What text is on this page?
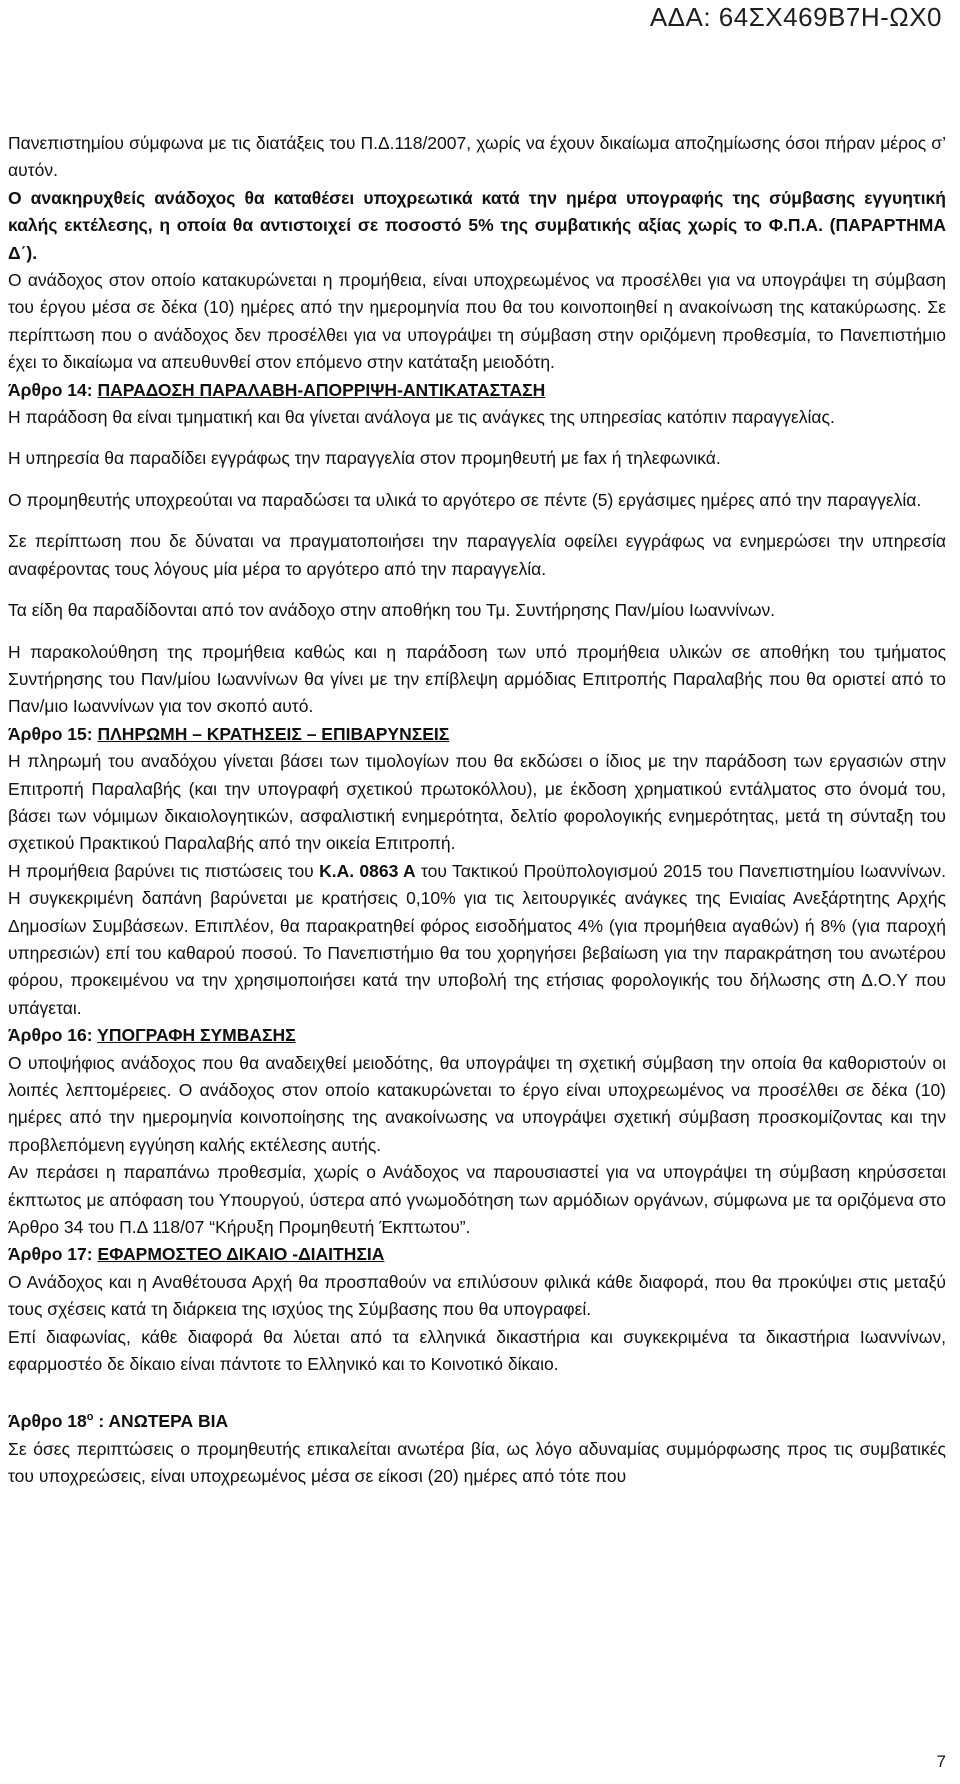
ΑΔΑ: 64ΣΧ469Β7Η-ΩΧ0

Πανεπιστημίου σύμφωνα με τις διατάξεις του Π.Δ.118/2007, χωρίς να έχουν δικαίωμα αποζημίωσης όσοι πήραν μέρος σ’ αυτόν.

Ο ανακηρυχθείς ανάδοχος θα καταθέσει υποχρεωτικά κατά την ημέρα υπογραφής της σύμβασης εγγυητική καλής εκτέλεσης, η οποία θα αντιστοιχεί σε ποσοστό 5% της συμβατικής αξίας χωρίς το Φ.Π.Α. (ΠΑΡΑΡΤΗΜΑ Δ΄).

Ο ανάδοχος στον οποίο κατακυρώνεται η προμήθεια, είναι υποχρεωμένος να προσέλθει για να υπογράψει τη σύμβαση του έργου μέσα σε δέκα (10) ημέρες από την ημερομηνία που θα του κοινοποιηθεί η ανακοίνωση της κατακύρωσης. Σε περίπτωση που ο ανάδοχος δεν προσέλθει για να υπογράψει τη σύμβαση στην οριζόμενη προθεσμία, το Πανεπιστήμιο έχει το δικαίωμα να απευθυνθεί στον επόμενο στην κατάταξη μειοδότη.

Άρθρο 14: ΠΑΡΑΔΟΣΗ ΠΑΡΑΛΑΒΗ-ΑΠΟΡΡΙΨΗ-ΑΝΤΙΚΑΤΑΣΤΑΣΗ

Η παράδοση θα είναι τμηματική και θα γίνεται ανάλογα με τις ανάγκες της υπηρεσίας κατόπιν παραγγελίας.

Η υπηρεσία θα παραδίδει εγγράφως την παραγγελία στον προμηθευτή με fax ή τηλεφωνικά.

Ο προμηθευτής υποχρεούται να παραδώσει τα υλικά το αργότερο σε πέντε (5) εργάσιμες ημέρες από την παραγγελία.

Σε περίπτωση που δε δύναται να πραγματοποιήσει την παραγγελία οφείλει εγγράφως να ενημερώσει την υπηρεσία αναφέροντας τους λόγους μία μέρα το αργότερο από την παραγγελία.

Τα είδη θα παραδίδονται από τον ανάδοχο στην αποθήκη του Τμ. Συντήρησης Παν/μίου Ιωαννίνων.

Η παρακολούθηση της προμήθεια καθώς και η παράδοση των υπό προμήθεια υλικών σε αποθήκη του τμήματος Συντήρησης του Παν/μίου Ιωαννίνων θα γίνει με την επίβλεψη αρμόδιας Επιτροπής Παραλαβής που θα οριστεί από το Παν/μιο Ιωαννίνων για τον σκοπό αυτό.

Άρθρο 15: ΠΛΗΡΩΜΗ – ΚΡΑΤΗΣΕΙΣ – ΕΠΙΒΑΡΥΝΣΕΙΣ

Η πληρωμή του αναδόχου γίνεται βάσει των τιμολογίων που θα εκδώσει ο ίδιος με την παράδοση των εργασιών στην Επιτροπή Παραλαβής (και την υπογραφή σχετικού πρωτοκόλλου), με έκδοση χρηματικού εντάλματος στο όνομά του, βάσει των νόμιμων δικαιολογητικών, ασφαλιστική ενημερότητα, δελτίο φορολογικής ενημερότητας, μετά τη σύνταξη του σχετικού Πρακτικού Παραλαβής από την οικεία Επιτροπή.

Η προμήθεια βαρύνει τις πιστώσεις του Κ.Α. 0863 Α του Τακτικού Προϋπολογισμού 2015 του Πανεπιστημίου Ιωαννίνων. Η συγκεκριμένη δαπάνη βαρύνεται με κρατήσεις 0,10% για τις λειτουργικές ανάγκες της Ενιαίας Ανεξάρτητης Αρχής Δημοσίων Συμβάσεων. Επιπλέον, θα παρακρατηθεί φόρος εισοδήματος 4% (για προμήθεια αγαθών) ή 8% (για παροχή υπηρεσιών) επί του καθαρού ποσού. Το Πανεπιστήμιο θα του χορηγήσει βεβαίωση για την παρακράτηση του ανωτέρου φόρου, προκειμένου να την χρησιμοποιήσει κατά την υποβολή της ετήσιας φορολογικής του δήλωσης στη Δ.Ο.Υ που υπάγεται.

Άρθρο 16: ΥΠΟΓΡΑΦΗ ΣΥΜΒΑΣΗΣ

Ο υποψήφιος ανάδοχος που θα αναδειχθεί μειοδότης, θα υπογράψει τη σχετική σύμβαση την οποία θα καθοριστούν οι λοιπές λεπτομέρειες. Ο ανάδοχος στον οποίο κατακυρώνεται το έργο είναι υποχρεωμένος να προσέλθει σε δέκα (10) ημέρες από την ημερομηνία κοινοποίησης της ανακοίνωσης να υπογράψει σχετική σύμβαση προσκομίζοντας και την προβλεπόμενη εγγύηση καλής εκτέλεσης αυτής.

Αν περάσει η παραπάνω προθεσμία, χωρίς ο Ανάδοχος να παρουσιαστεί για να υπογράψει τη σύμβαση κηρύσσεται έκπτωτος με απόφαση του Υπουργού, ύστερα από γνωμοδότηση των αρμόδιων οργάνων, σύμφωνα με τα οριζόμενα στο Άρθρο 34 του Π.Δ 118/07 “Κήρυξη Προμηθευτή Έκπτωτου”.

Άρθρο 17: ΕΦΑΡΜΟΣΤΕΟ ΔΙΚΑΙΟ -ΔΙΑΙΤΗΣΙΑ

Ο Ανάδοχος και η Αναθέτουσα Αρχή θα προσπαθούν να επιλύσουν φιλικά κάθε διαφορά, που θα προκύψει στις μεταξύ τους σχέσεις κατά τη διάρκεια της ισχύος της Σύμβασης που θα υπογραφεί.

Επί διαφωνίας, κάθε διαφορά θα λύεται από τα ελληνικά δικαστήρια και συγκεκριμένα τα δικαστήρια Ιωαννίνων, εφαρμοστέο δε δίκαιο είναι πάντοτε το Ελληνικό και το Κοινοτικό δίκαιο.

Άρθρο $18^o$ : ΑΝΩΤΕΡΑ ΒΙΑ

Σε όσες περιπτώσεις ο προμηθευτής επικαλείται ανωτέρα βία, ως λόγο αδυναμίας συμμόρφωσης προς τις συμβατικές του υποχρεώσεις, είναι υποχρεωμένος μέσα σε είκοσι (20) ημέρες από τότε που

7
